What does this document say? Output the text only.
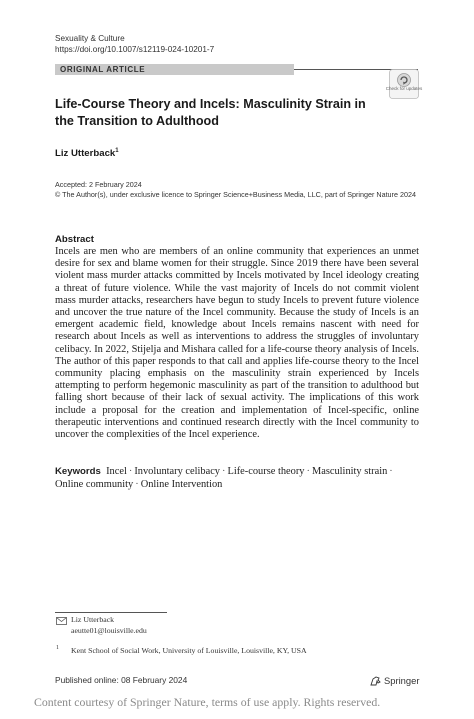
Sexuality & Culture
https://doi.org/10.1007/s12119-024-10201-7
ORIGINAL ARTICLE
Check for updates
Life-Course Theory and Incels: Masculinity Strain in the Transition to Adulthood
Liz Utterback$^1$
Accepted: 2 February 2024
© The Author(s), under exclusive licence to Springer Science+Business Media, LLC, part of Springer Nature 2024
Abstract
Incels are men who are members of an online community that experiences an unmet desire for sex and blame women for their struggle. Since 2019 there have been several violent mass murder attacks committed by Incels motivated by Incel ideology creating a threat of future violence. While the vast majority of Incels do not commit violent mass murder attacks, researchers have begun to study Incels to prevent future violence and uncover the true nature of the Incel community. Because the study of Incels is an emergent academic field, knowledge about Incels remains nascent with need for research about Incels as well as interventions to address the struggles of involuntary celibacy. In 2022, Stijelja and Mishara called for a life-course theory analysis of Incels. The author of this paper responds to that call and applies life-course theory to the Incel community placing emphasis on the masculinity strain experienced by Incels attempting to perform hegemonic masculinity as part of the transition to adulthood but falling short because of their lack of sexual activity. The implications of this work include a proposal for the creation and implementation of Incel-specific, online therapeutic interventions and continued research directly with the Incel community to uncover the complexities of the Incel experience.
Keywords Incel · Involuntary celibacy · Life-course theory · Masculinity strain ·
Online community · Online Intervention
Liz Utterback
aeutte01@louisville.edu
1 Kent School of Social Work, University of Louisville, Louisville, KY, USA
Published online: 08 February 2024	Springer
Content courtesy of Springer Nature, terms of use apply. Rights reserved.
